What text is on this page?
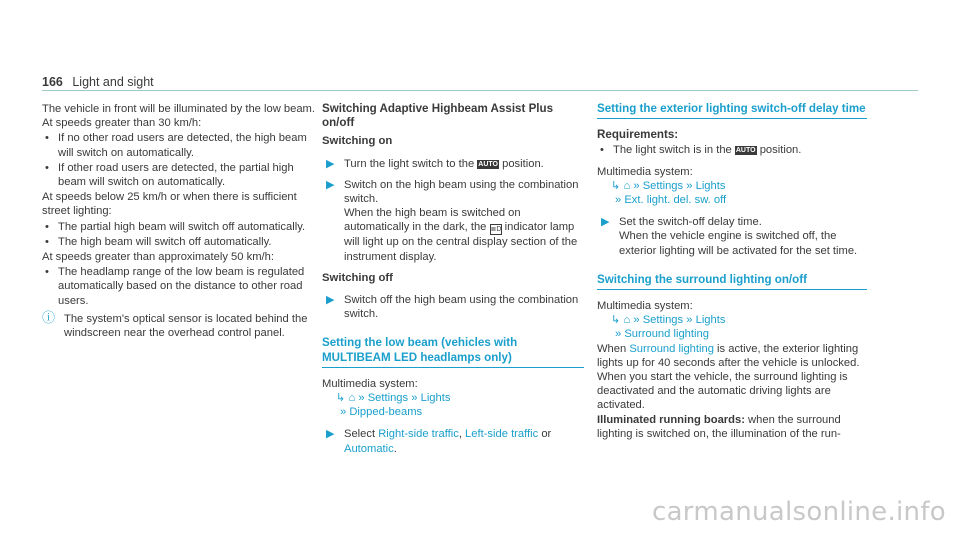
166 Light and sight

The vehicle in front will be illuminated by the low beam.

At speeds greater than 30 km/h:

• If no other road users are detected, the high beam will switch on automatically.
• If other road users are detected, the partial high beam will switch on automatically.

At speeds below 25 km/h or when there is sufficient street lighting:

• The partial high beam will switch off automatically.
• The high beam will switch off automatically.

At speeds greater than approximately 50 km/h:

• The headlamp range of the low beam is regulated automatically based on the distance to other road users.
ⓘ The system's optical sensor is located behind the windscreen near the overhead control panel.
Switching Adaptive Highbeam Assist Plus on/off
Switching on
▶ Turn the light switch to the AUTO position.
▶ Switch on the high beam using the combination switch.
When the high beam is switched on automatically in the dark, the ≣D indicator lamp will light up on the central display section of the instrument display.
Switching off
▶ Switch off the high beam using the combination switch.
Setting the low beam (vehicles with MULTIBEAM LED headlamps only)

Multimedia system:

↳ ⌂ » Settings » Lights

» Dipped-beams

▶ Select Right-side traffic, Left-side traffic or Automatic.
Setting the exterior lighting switch-off delay time
Requirements:
• The light switch is in the AUTO position.

Multimedia system:

↳ ⌂ » Settings » Lights

» Ext. light. del. sw. off

▶ Set the switch-off delay time.
When the vehicle engine is switched off, the exterior lighting will be activated for the set time.
Switching the surround lighting on/off

Multimedia system:

↳ ⌂ » Settings » Lights

» Surround lighting

When Surround lighting is active, the exterior lighting lights up for 40 seconds after the vehicle is unlocked. When you start the vehicle, the surround lighting is deactivated and the automatic driving lights are activated.

Illuminated running boards: when the surround lighting is switched on, the illumination of the run-

carmanualsonline.info
